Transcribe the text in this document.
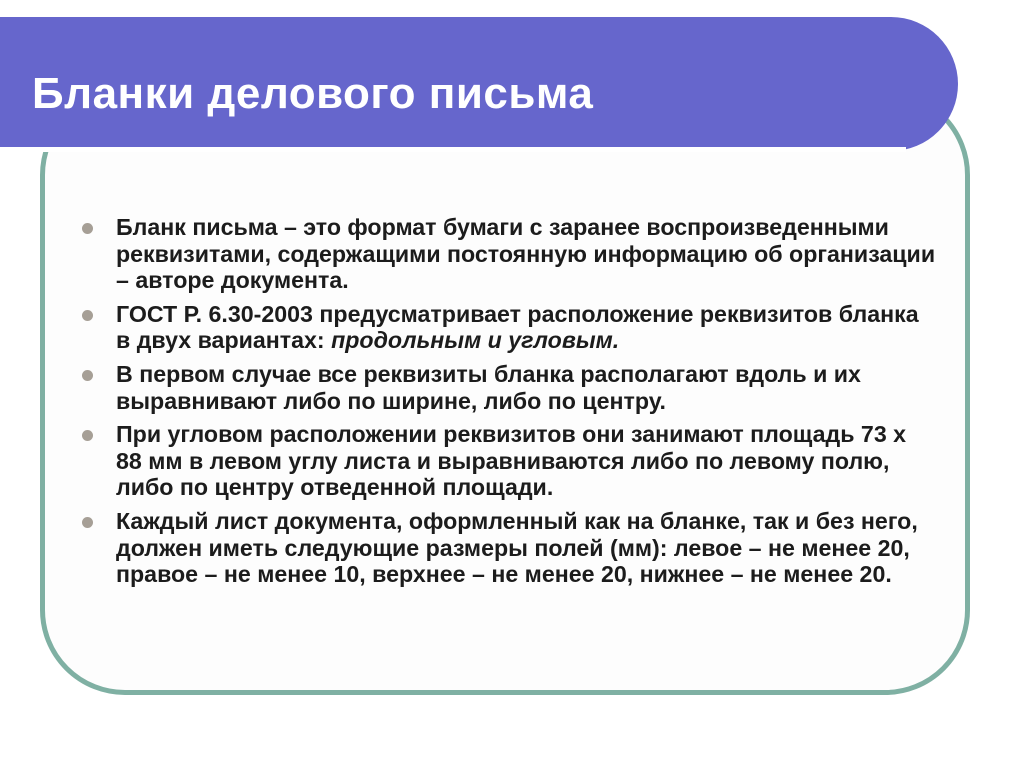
Бланки делового письма
Бланк письма – это формат бумаги с заранее воспроизведенными реквизитами, содержащими постоянную информацию об организации – авторе документа.
ГОСТ Р. 6.30-2003 предусматривает расположение реквизитов бланка в двух вариантах: продольным и угловым.
В первом случае все реквизиты бланка располагают вдоль и их выравнивают либо по ширине, либо по центру.
При угловом расположении реквизитов они занимают площадь 73 х 88 мм в левом углу листа и выравниваются либо по левому полю, либо по центру отведенной площади.
Каждый лист документа, оформленный как на бланке, так и без него, должен иметь следующие размеры полей (мм): левое – не менее 20, правое – не менее 10, верхнее – не менее 20, нижнее – не менее 20.
